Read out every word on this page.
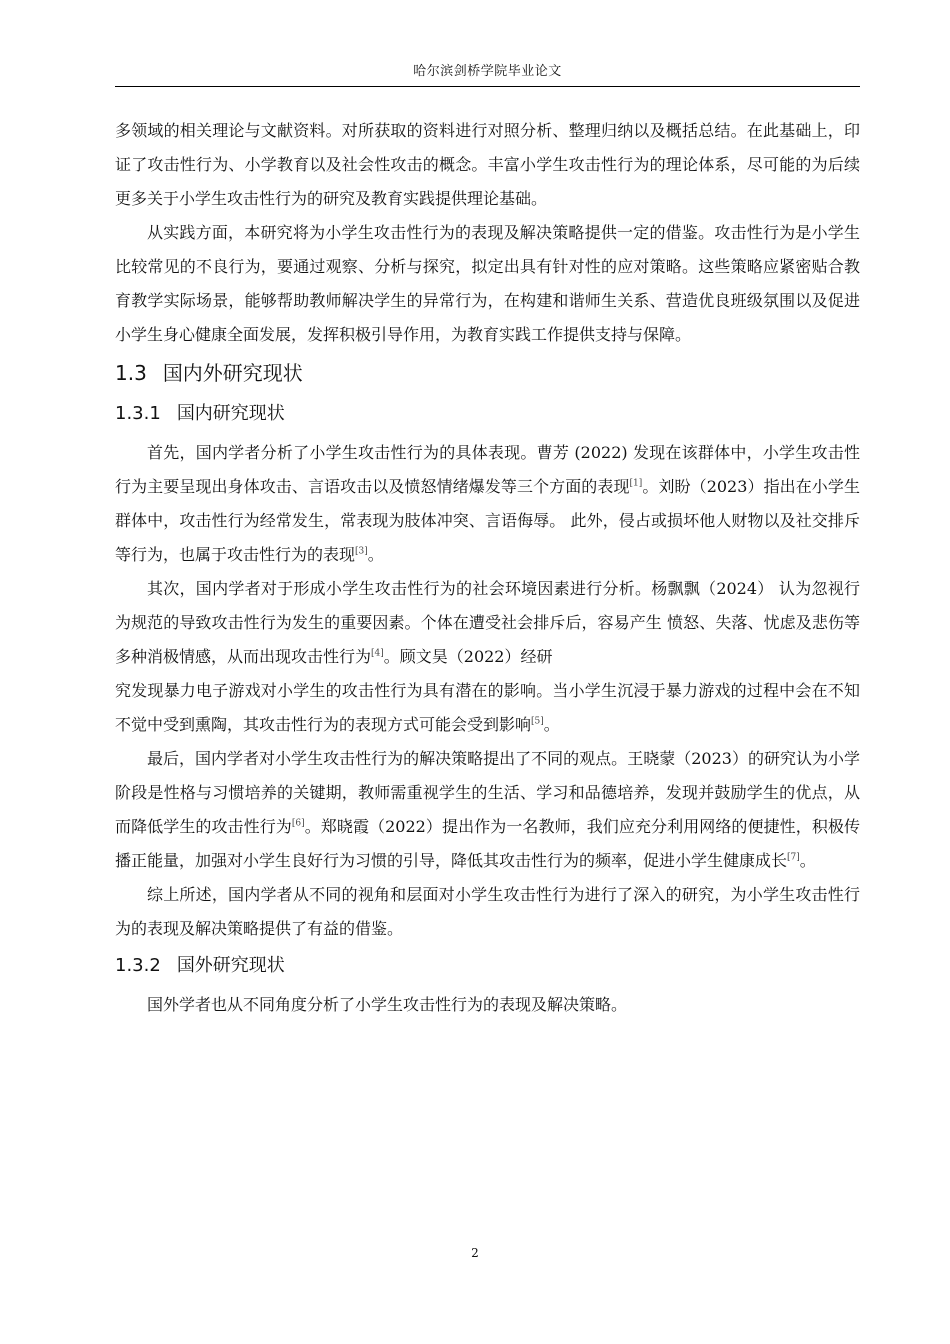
哈尔滨剑桥学院毕业论文

多领域的相关理论与文献资料。对所获取的资料进行对照分析、整理归纳以及概括总结。在此基础上，印证了攻击性行为、小学教育以及社会性攻击的概念。丰富小学生攻击性行为的理论体系，尽可能的为后续更多关于小学生攻击性行为的研究及教育实践提供理论基础。

从实践方面，本研究将为小学生攻击性行为的表现及解决策略提供一定的借鉴。攻击性行为是小学生比较常见的不良行为，要通过观察、分析与探究，拟定出具有针对性的应对策略。这些策略应紧密贴合教育教学实际场景，能够帮助教师解决学生的异常行为，在构建和谐师生关系、营造优良班级氛围以及促进小学生身心健康全面发展，发挥积极引导作用，为教育实践工作提供支持与保障。

1.3 国内外研究现状
1.3.1 国内研究现状

首先，国内学者分析了小学生攻击性行为的具体表现。曹芳 (2022) 发现在该群体中，小学生攻击性行为主要呈现出身体攻击、言语攻击以及愤怒情绪爆发等三个方面的表现[1]。刘盼（2023）指出在小学生群体中，攻击性行为经常发生，常表现为肢体冲突、言语侮辱。 此外，侵占或损坏他人财物以及社交排斥等行为，也属于攻击性行为的表现[3]。

其次，国内学者对于形成小学生攻击性行为的社会环境因素进行分析。杨飘飘（2024） 认为忽视行为规范的导致攻击性行为发生的重要因素。个体在遭受社会排斥后，容易产生 愤怒、失落、忧虑及悲伤等多种消极情感，从而出现攻击性行为[4]。顾文昊（2022）经研

究发现暴力电子游戏对小学生的攻击性行为具有潜在的影响。当小学生沉浸于暴力游戏的过程中会在不知不觉中受到熏陶，其攻击性行为的表现方式可能会受到影响[5]。

最后，国内学者对小学生攻击性行为的解决策略提出了不同的观点。王晓蒙（2023）的研究认为小学阶段是性格与习惯培养的关键期，教师需重视学生的生活、学习和品德培养，发现并鼓励学生的优点，从而降低学生的攻击性行为[6]。郑晓霞（2022）提出作为一名教师，我们应充分利用网络的便捷性，积极传播正能量，加强对小学生良好行为习惯的引导，降低其攻击性行为的频率，促进小学生健康成长[7]。

综上所述，国内学者从不同的视角和层面对小学生攻击性行为进行了深入的研究，为小学生攻击性行为的表现及解决策略提供了有益的借鉴。

1.3.2 国外研究现状

国外学者也从不同角度分析了小学生攻击性行为的表现及解决策略。

2
